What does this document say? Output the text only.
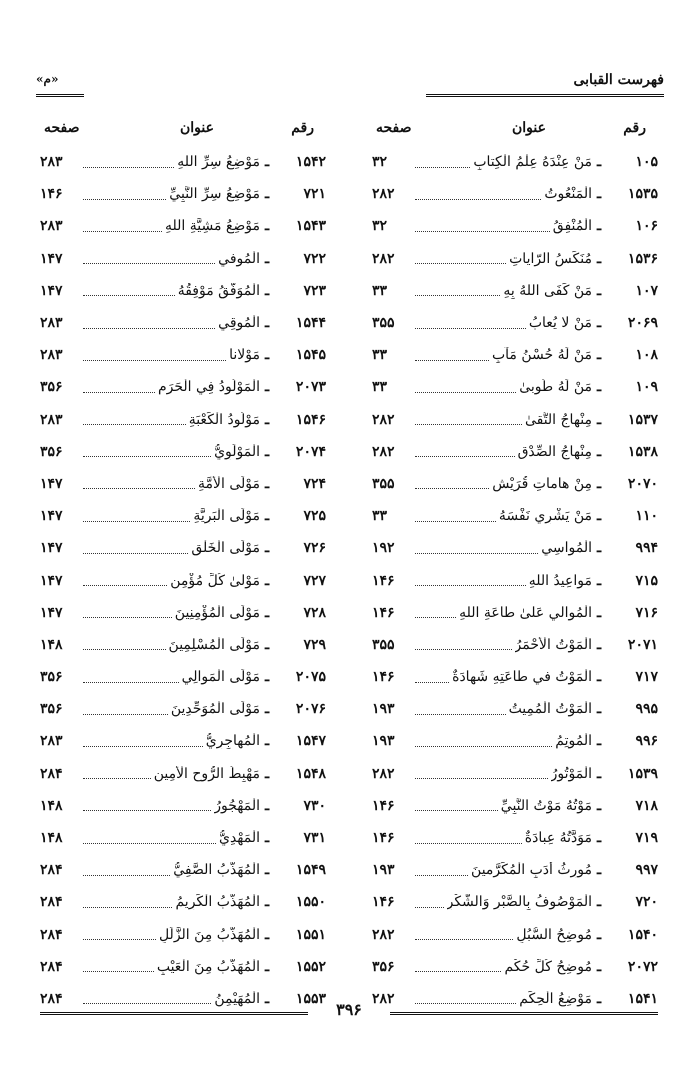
فهرست القبابى
«م»
رقم
عنوان
صفحه
۱۰۵
ـ
مَنْ عِنْدَهُ عِلْمُ الْكِتابِ
۳۲
۱۵۳۵
ـ
الْمَنْعُوتُ
۲۸۲
۱۰۶
ـ
الْمُنْفِقُ
۳۲
۱۵۳۶
ـ
مُنَكِّسُ الرّاياتِ
۲۸۲
۱۰۷
ـ
مَنْ كَفَى اللهُ بِهِ
۳۳
۲۰۶۹
ـ
مَنْ لا يُعابُ
۳۵۵
۱۰۸
ـ
مَنْ لَهُ حُسْنُ مَآبٍ
۳۳
۱۰۹
ـ
مَنْ لَهُ طُوبىٰ
۳۳
۱۵۳۷
ـ
مِنْهاجُ التُّقىٰ
۲۸۲
۱۵۳۸
ـ
مِنْهاجُ الصِّدْقِ
۲۸۲
۲۰۷۰
ـ
مِنْ هاماتِ قُرَيْشٍ
۳۵۵
۱۱۰
ـ
مَنْ يَشْرِي نَفْسَهُ
۳۳
۹۹۴
ـ
الْمُواسِي
۱۹۲
۷۱۵
ـ
مَواعِيدُ اللهِ
۱۴۶
۷۱۶
ـ
الْمُوالي عَلىٰ طاعَةِ اللهِ
۱۴۶
۲۰۷۱
ـ
الْمَوْتُ الْأَحْمَرُ
۳۵۵
۷۱۷
ـ
الْمَوْتُ في طاعَتِهِ شَهادَةٌ
۱۴۶
۹۹۵
ـ
الْمَوْتُ الْمُمِيتُ
۱۹۳
۹۹۶
ـ
الْمُوتِمُ
۱۹۳
۱۵۳۹
ـ
الْمَوْتُورُ
۲۸۲
۷۱۸
ـ
مَوْتُهُ مَوْتُ النَّبِيِّ
۱۴۶
۷۱۹
ـ
مَوَدَّتُهُ عِبادَةٌ
۱۴۶
۹۹۷
ـ
مُورِثُ أَدَبِ الْمُكَرَّمينَ
۱۹۳
۷۲۰
ـ
الْمَوْصُوفُ بِالصَّبْرِ وَالشُّكْرِ
۱۴۶
۱۵۴۰
ـ
مُوضِحُ السُّبُلِ
۲۸۲
۲۰۷۲
ـ
مُوضِحُ كُلِّ حُكْمٍ
۳۵۶
۱۵۴۱
ـ
مَوْضِعُ الْحِكَمِ
۲۸۲
رقم
عنوان
صفحه
۱۵۴۲
ـ
مَوْضِعُ سِرِّ اللهِ
۲۸۳
۷۲۱
ـ
مَوْضِعُ سِرِّ النَّبِيِّ
۱۴۶
۱۵۴۳
ـ
مَوْضِعُ مَشِيَّةِ اللهِ
۲۸۳
۷۲۲
ـ
الْمُوفي
۱۴۷
۷۲۳
ـ
الْمُوَفَّقُ مَوْفِقُهُ
۱۴۷
۱۵۴۴
ـ
الْمُوقِي
۲۸۳
۱۵۴۵
ـ
مَوْلانا
۲۸۳
۲۰۷۳
ـ
الْمَوْلُودُ فِي الْحَرَمِ
۳۵۶
۱۵۴۶
ـ
مَوْلُودُ الْكَعْبَةِ
۲۸۳
۲۰۷۴
ـ
الْمَوْلَوِيُّ
۳۵۶
۷۲۴
ـ
مَوْلَى الْأُمَّةِ
۱۴۷
۷۲۵
ـ
مَوْلَى الْبَرِيَّةِ
۱۴۷
۷۲۶
ـ
مَوْلَى الْخَلْقِ
۱۴۷
۷۲۷
ـ
مَوْلىٰ كُلِّ مُؤْمِنٍ
۱۴۷
۷۲۸
ـ
مَوْلَى الْمُؤْمِنِينَ
۱۴۷
۷۲۹
ـ
مَوْلَى الْمُسْلِمِينَ
۱۴۸
۲۰۷۵
ـ
مَوْلَى الْمَوالِي
۳۵۶
۲۰۷۶
ـ
مَوْلَى الْمُوَحِّدِينَ
۳۵۶
۱۵۴۷
ـ
الْمُهاجِرِيُّ
۲۸۳
۱۵۴۸
ـ
مَهْبِطُ الرُّوحِ الْأَمِينِ
۲۸۴
۷۳۰
ـ
الْمَهْجُورُ
۱۴۸
۷۳۱
ـ
الْمَهْدِيُّ
۱۴۸
۱۵۴۹
ـ
الْمُهَذَّبُ الصَّفِيُّ
۲۸۴
۱۵۵۰
ـ
الْمُهَذَّبُ الْكَرِيمُ
۲۸۴
۱۵۵۱
ـ
الْمُهَذَّبُ مِنَ الزَّلَلِ
۲۸۴
۱۵۵۲
ـ
الْمُهَذَّبُ مِنَ الْعَيْبِ
۲۸۴
۱۵۵۳
ـ
الْمُهَيْمِنُ
۲۸۴
۳۹۶
